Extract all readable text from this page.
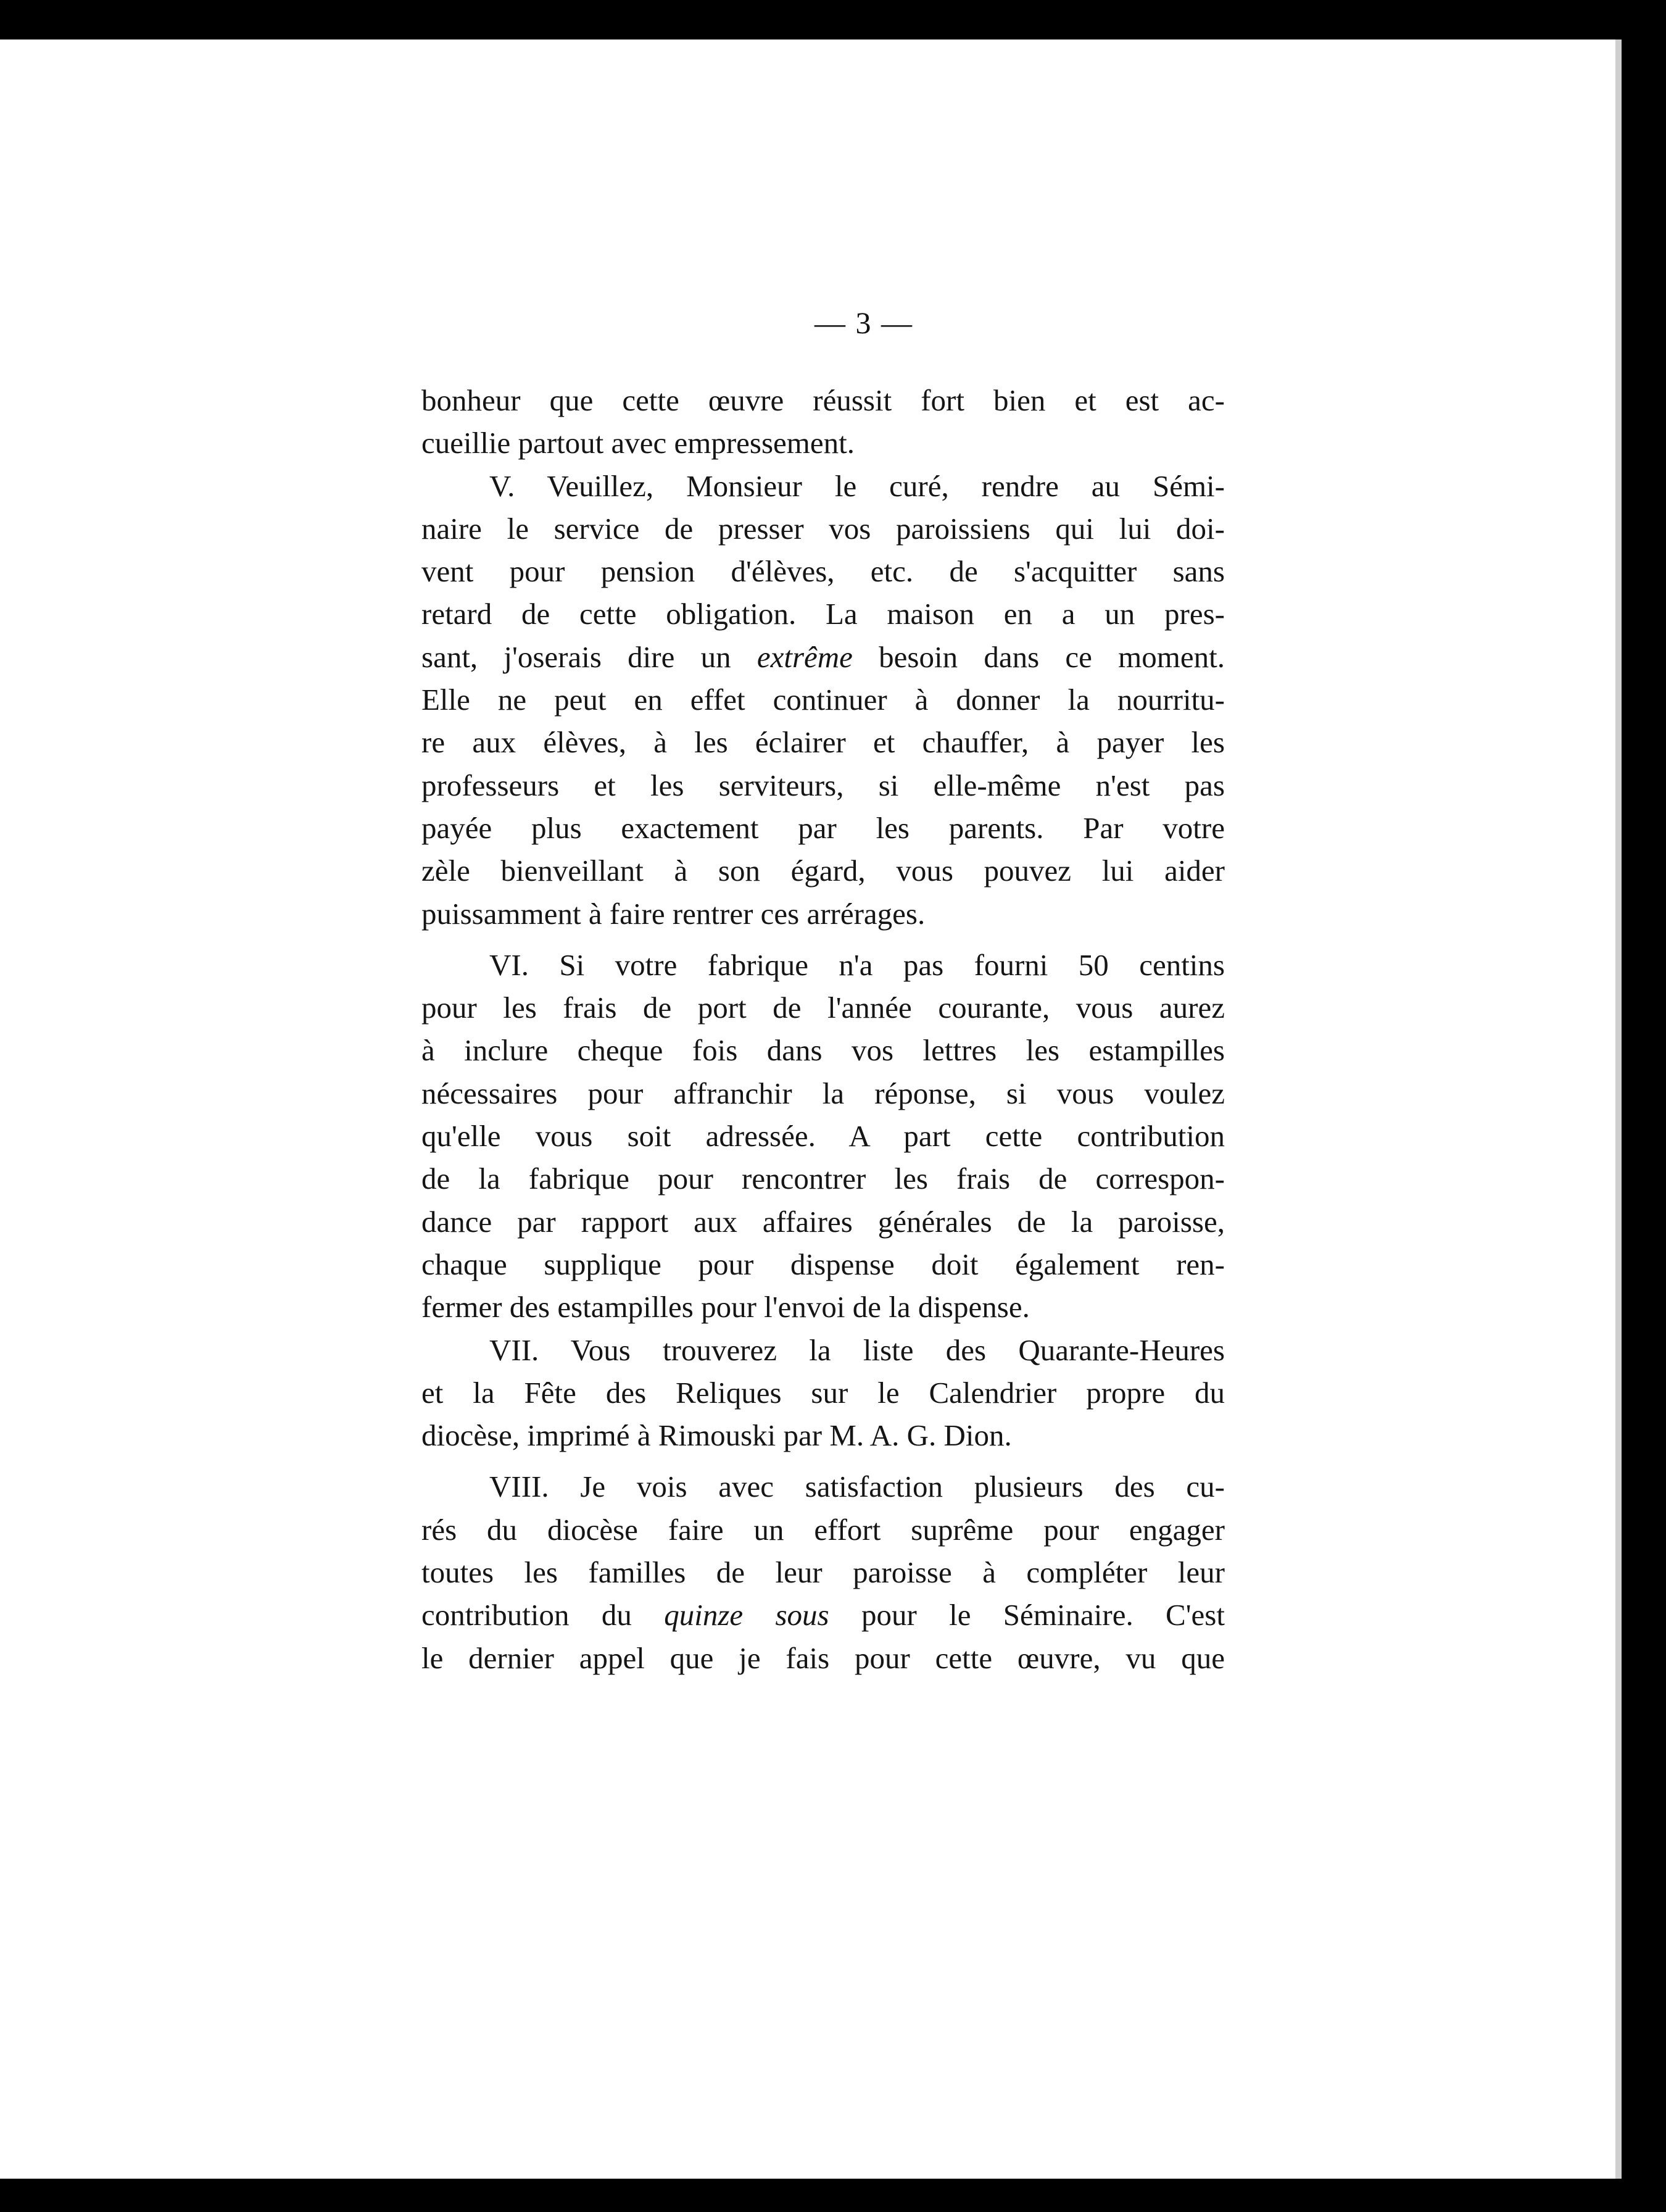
— 3 —
bonheur que cette œuvre réussit fort bien et est ac-
cueillie partout avec empressement.
V. Veuillez, Monsieur le curé, rendre au Sémi-
naire le service de presser vos paroissiens qui lui doi-
vent pour pension d'élèves, etc. de s'acquitter sans
retard de cette obligation. La maison en a un pres-
sant, j'oserais dire un extrême besoin dans ce moment.
Elle ne peut en effet continuer à donner la nourritu-
re aux élèves, à les éclairer et chauffer, à payer les
professeurs et les serviteurs, si elle-même n'est pas
payée plus exactement par les parents. Par votre
zèle bienveillant à son égard, vous pouvez lui aider
puissamment à faire rentrer ces arrérages.
VI. Si votre fabrique n'a pas fourni 50 centins
pour les frais de port de l'année courante, vous aurez
à inclure cheque fois dans vos lettres les estampilles
nécessaires pour affranchir la réponse, si vous voulez
qu'elle vous soit adressée. A part cette contribution
de la fabrique pour rencontrer les frais de correspon-
dance par rapport aux affaires générales de la paroisse,
chaque supplique pour dispense doit également ren-
fermer des estampilles pour l'envoi de la dispense.
VII. Vous trouverez la liste des Quarante-Heures
et la Fête des Reliques sur le Calendrier propre du
diocèse, imprimé à Rimouski par M. A. G. Dion.
VIII. Je vois avec satisfaction plusieurs des cu-
rés du diocèse faire un effort suprême pour engager
toutes les familles de leur paroisse à compléter leur
contribution du quinze sous pour le Séminaire. C'est
le dernier appel que je fais pour cette œuvre, vu que
